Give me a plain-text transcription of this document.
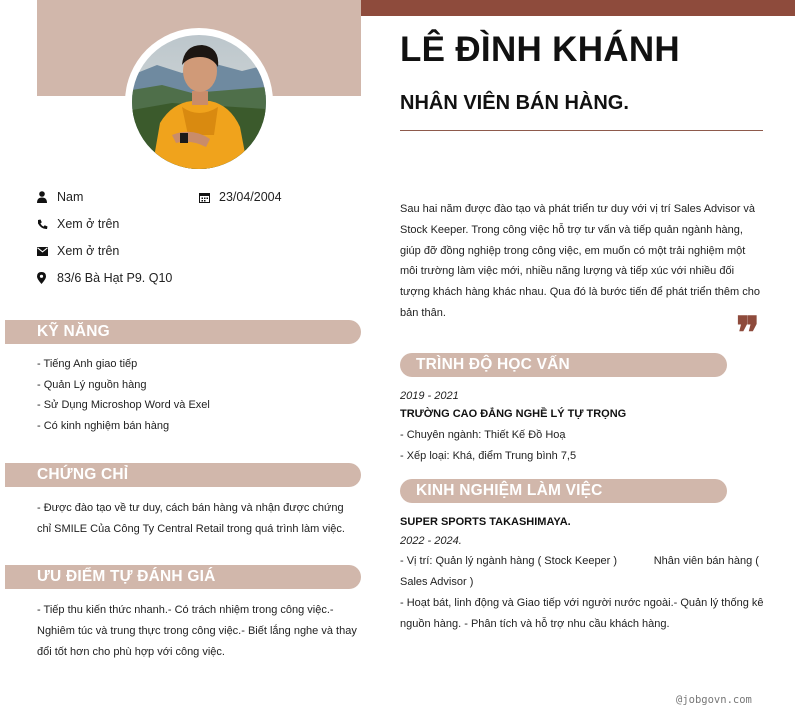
LÊ ĐÌNH KHÁNH
NHÂN VIÊN BÁN HÀNG.
Nam	23/04/2004
Xem ở trên
Xem ở trên
83/6 Bà Hạt P9. Q10
KỸ NĂNG
- Tiếng Anh giao tiếp
- Quản Lý nguồn hàng
- Sử Dụng Microshop Word và Exel
- Có kinh nghiệm bán hàng
CHỨNG CHỈ
- Được đào tạo về tư duy, cách bán hàng và nhận được chứng
chỉ SMILE Của Công Ty Central Retail trong quá trình làm việc.
ƯU ĐIỂM TỰ ĐÁNH GIÁ
- Tiếp thu kiến thức nhanh.- Có trách nhiệm trong công việc.-
Nghiêm túc và trung thực trong công việc.- Biết lắng nghe và thay
đổi tốt hơn cho phù hợp với công việc.
Sau hai năm được đào tạo và phát triển tư duy với vị trí Sales Advisor và
Stock Keeper. Trong công việc hỗ trợ tư vấn và tiếp quản ngành hàng,
giúp đỡ đồng nghiệp trong công việc, em muốn có một trải nghiệm một
môi trường làm việc mới, nhiều năng lượng và tiếp xúc với nhiều đối
tượng khách hàng khác nhau. Qua đó là bước tiến để phát triển thêm cho
bản thân.	❞
TRÌNH ĐỘ HỌC VẤN
2019 - 2021
TRƯỜNG CAO ĐẲNG NGHỀ LÝ TỰ TRỌNG
- Chuyên ngành: Thiết Kế Đồ Hoạ
- Xếp loại: Khá, điểm Trung bình 7,5
KINH NGHIỆM LÀM VIỆC
SUPER SPORTS TAKASHIMAYA.
2022 - 2024.
- Vị trí: Quản lý ngành hàng ( Stock Keeper )            Nhân viên bán hàng (
Sales Advisor )
- Hoạt bát, linh động và Giao tiếp với người nước ngoài.- Quản lý thống kê
nguồn hàng. - Phân tích và hỗ trợ nhu cầu khách hàng.
@jobgovn.com
